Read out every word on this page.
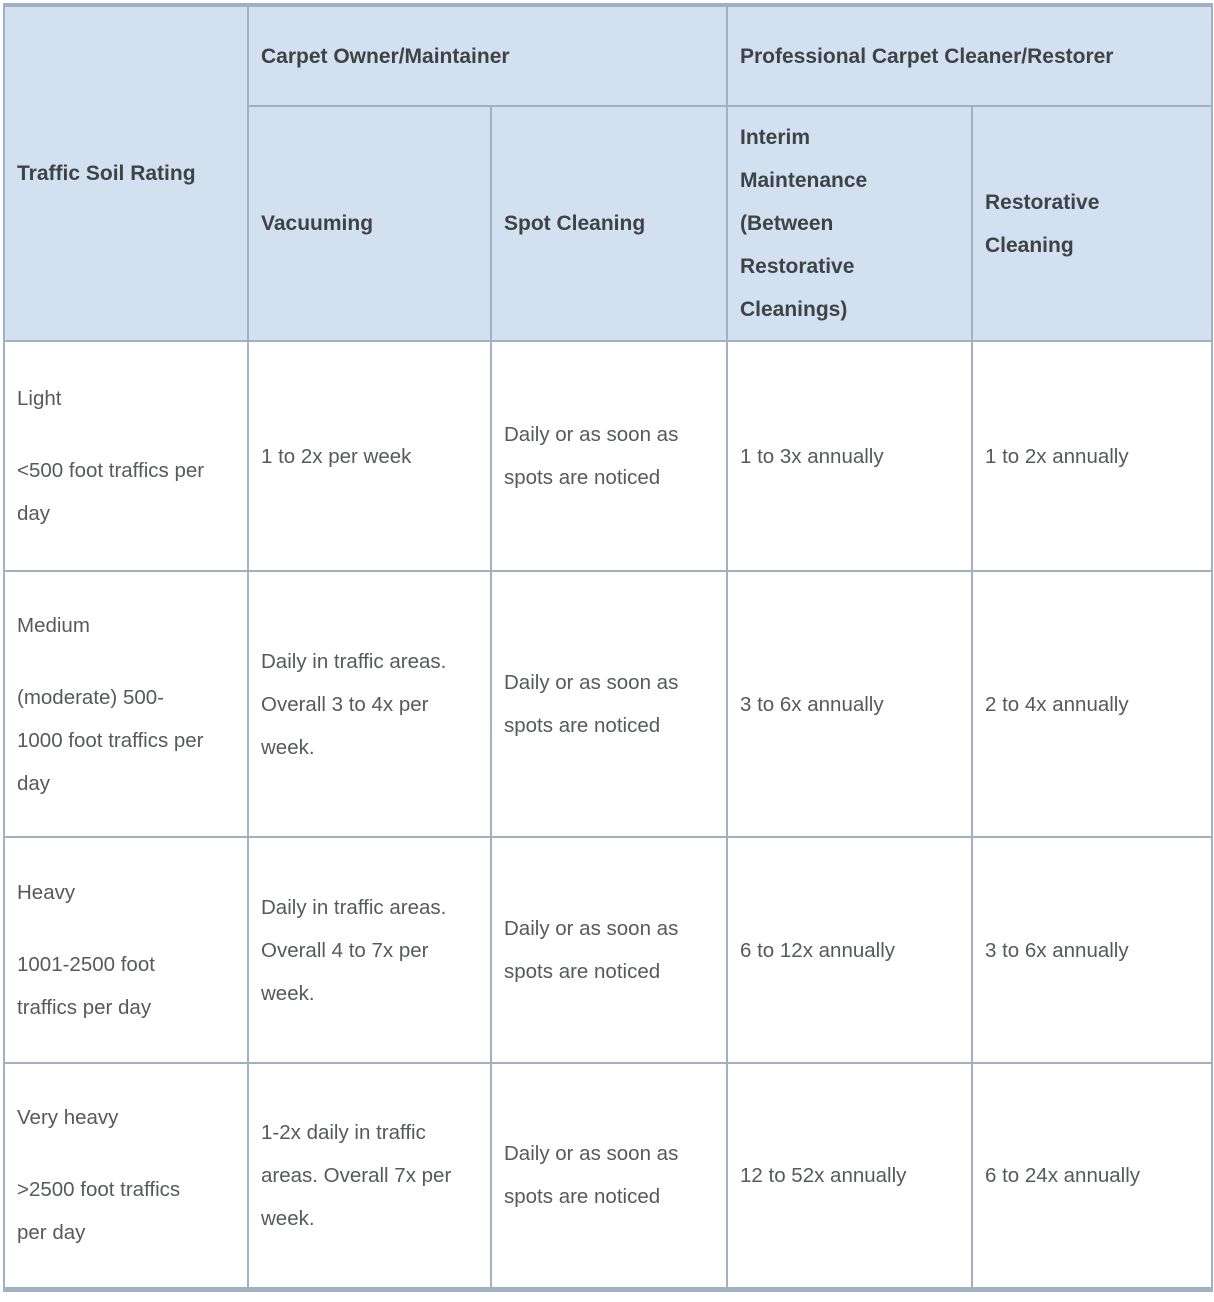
Traffic Soil Rating	Carpet Owner/Maintainer		Professional Carpet Cleaner/Restorer	
	Vacuuming	Spot Cleaning	Interim Maintenance (Between Restorative Cleanings)	Restorative Cleaning

Light
<500 foot traffics per day	1 to 2x per week	Daily or as soon as spots are noticed	1 to 3x annually	1 to 2x annually

Medium
(moderate) 500-1000 foot traffics per day	Daily in traffic areas. Overall 3 to 4x per week.	Daily or as soon as spots are noticed	3 to 6x annually	2 to 4x annually

Heavy
1001-2500 foot traffics per day	Daily in traffic areas. Overall 4 to 7x per week.	Daily or as soon as spots are noticed	6 to 12x annually	3 to 6x annually

Very heavy
>2500 foot traffics per day	1-2x daily in traffic areas. Overall 7x per week.	Daily or as soon as spots are noticed	12 to 52x annually	6 to 24x annually
